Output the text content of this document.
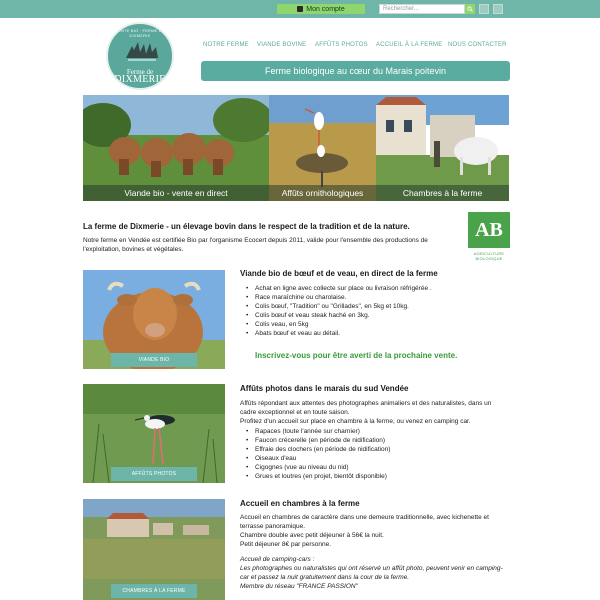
Mon compte	Rechercher...
VENTE BIO · FERME DE DIXMERIE
Ferme de
DIXMERIE
NOTRE FERME VIANDE BOVINE AFFÛTS PHOTOS ACCUEIL À LA FERME NOUS CONTACTER
Ferme biologique au cœur du Marais poitevin
Viande bio - vente en direct	Affûts ornithologiques	Chambres à la ferme
La ferme de Dixmerie - un élevage bovin dans le respect de la tradition et de la nature.
Notre ferme en Vendée est certifiée Bio par l'organisme Ecocert depuis 2011, valide pour l'ensemble des productions de l'exploitation, bovines et végétales.
AB
AGRICULTURE
BIOLOGIQUE
VIANDE BIO
Viande bio de bœuf et de veau, en direct de la ferme
• Achat en ligne avec collecte sur place ou livraison réfrigérée .
• Race maraîchine ou charolaise.
• Colis bœuf, "Tradition" ou "Grillades", en 5kg et 10kg.
• Colis bœuf et veau steak haché en 3kg.
• Colis veau, en 5kg
• Abats bœuf et veau au détail.
Inscrivez-vous pour être averti de la prochaine vente.
AFFÛTS PHOTOS
Affûts photos dans le marais du sud Vendée
Affûts répondant aux attentes des photographes animaliers et des naturalistes, dans un cadre exceptionnel et en toute saison.
Profitez d'un accueil sur place en chambre à la ferme, ou venez en camping car.
• Rapaces (toute l'année sur charnier)
• Faucon crécerelle (en période de nidification)
• Effraie des clochers (en période de nidification)
• Oiseaux d'eau
• Cigognes (vue au niveau du nid)
• Grues et loutres (en projet, bientôt disponible)
CHAMBRES À LA FERME
Accueil en chambres à la ferme
Accueil en chambres de caractère dans une demeure traditionnelle, avec kichenette et terrasse panoramique.
Chambre double avec petit déjeuner à 56€ la nuit.
Petit déjeuner 8€ par personne.
Accueil de camping-cars :
Les photographes ou naturalistes qui ont réservé un affût photo, peuvent venir en camping-car et passez la nuit gratuitement dans la cour de la ferme.
Membre du réseau "FRANCE PASSION"
